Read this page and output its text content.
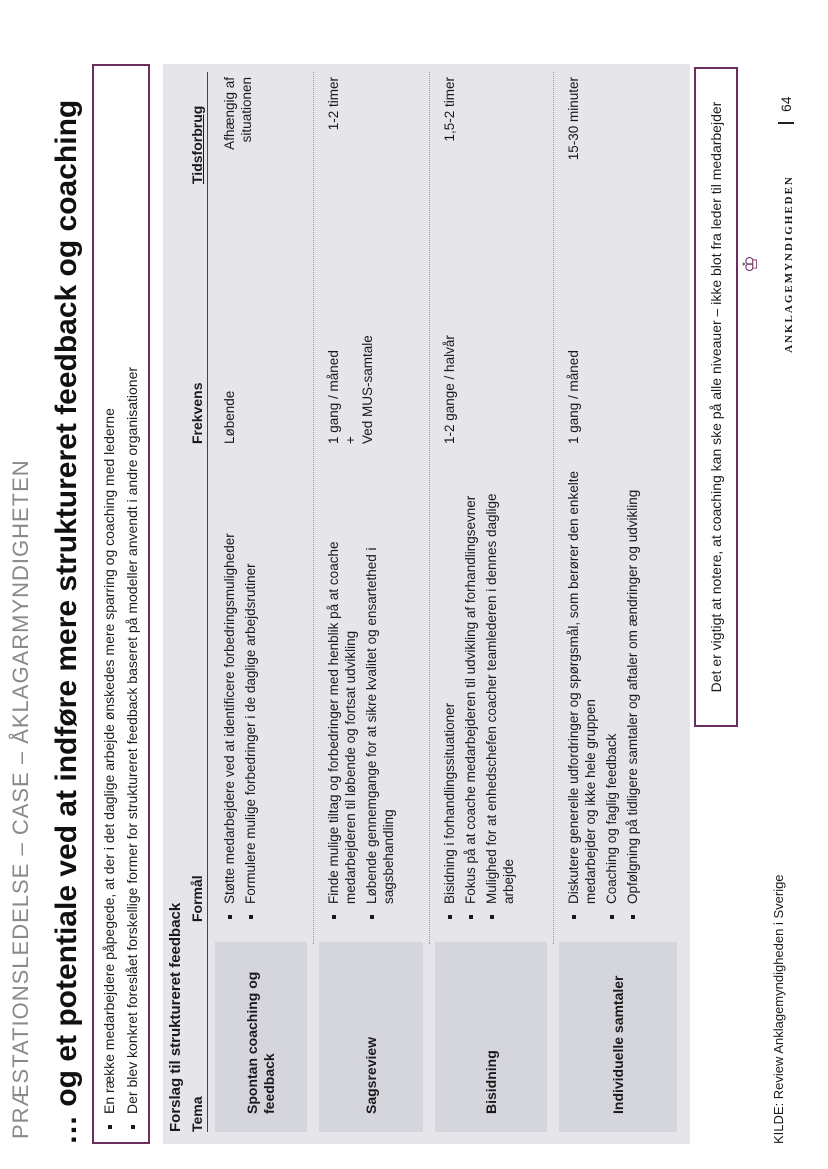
PRÆSTATIONSLEDELSE – CASE – ÅKLAGARMYNDIGHETEN … og et potentiale ved at indføre mere struktureret feedback og coaching ▪ En række medarbejdere påpegede, at der i det daglige arbejde ønskedes mere sparring og coaching med lederne ▪ Der blev konkret foreslået forskellige former for struktureret feedback baseret på modeller anvendt i andre organisationer Forslag til struktureret feedback Tema
Formål
Frekvens
Tidsforbrug
Spontan coaching og feedback
▪ Støtte medarbejdere ved at identificere forbedringsmuligheder ▪ Formulere mulige forbedringer i de daglige arbejdsrutiner
Løbende
Afhængig af situationen
Sagsreview
▪ Finde mulige tiltag og forbedringer med henblik på at coache medarbejderen til løbende og fortsat udvikling ▪ Løbende gennemgange for at sikre kvalitet og ensartethed i sagsbehandling
1 gang / måned + Ved MUS-samtale
1-2 timer
Bisidning
▪ Bisidning i forhandlingssituationer ▪ Fokus på at coache medarbejderen til udvikling af forhandlingsevner ▪ Mulighed for at enhedschefen coacher teamlederen i dennes daglige arbejde
1-2 gange / halvår
1,5-2 timer
Individuelle samtaler
▪ Diskutere generelle udfordringer og spørgsmål, som berører den enkelte medarbejder og ikke hele gruppen ▪ Coaching og faglig feedback ▪ Opfølgning på tidligere samtaler og aftaler om ændringer og udvikling
1 gang / måned
15-30 minuter	Det er vigtigt at notere, at coaching kan ske på alle niveauer – ikke blot fra leder til medarbejder
KILDE: Review Anklagemyndigheden i Sverige
♔ ANKLAGEMYNDIGHEDEN
64
